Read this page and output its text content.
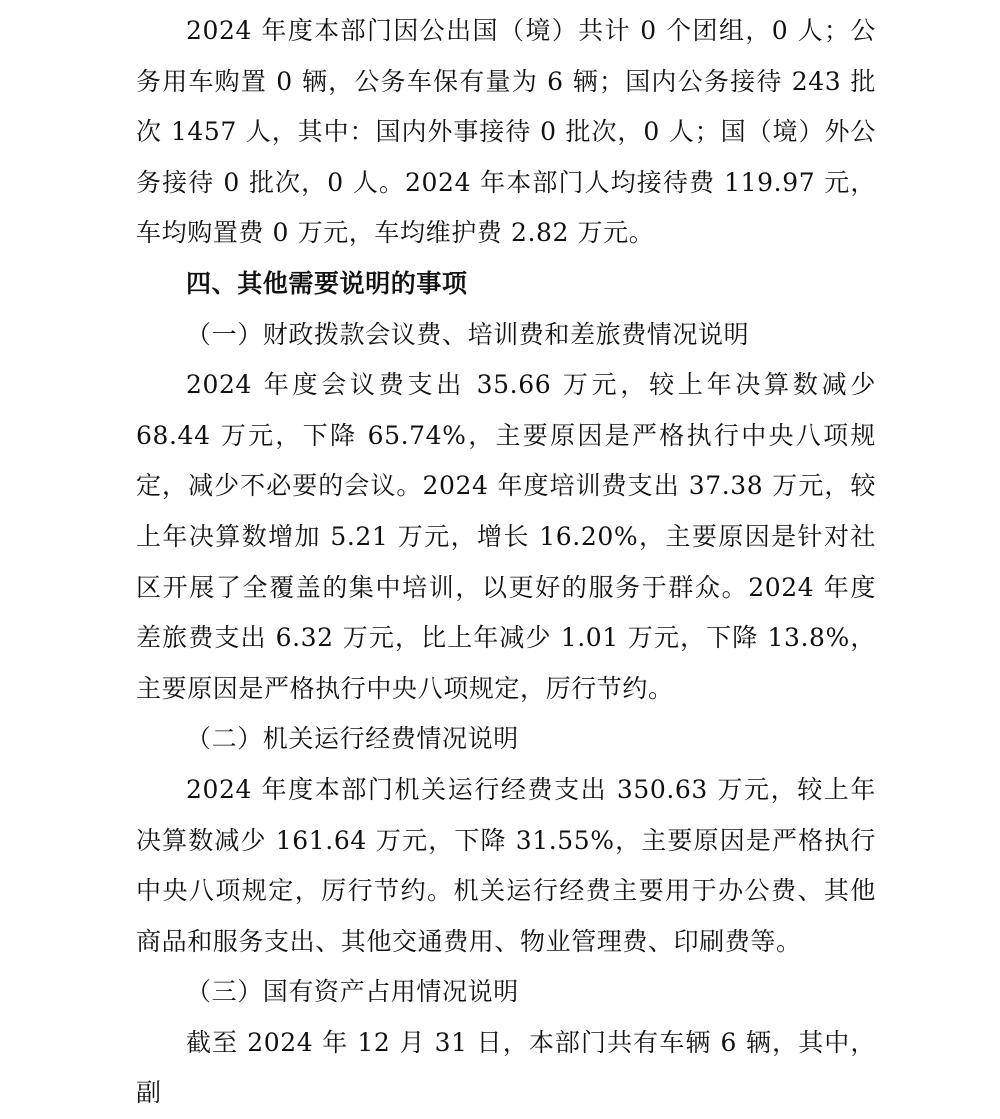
2024 年度本部门因公出国（境）共计 0 个团组，0 人；公务用车购置 0 辆，公务车保有量为 6 辆；国内公务接待 243 批次 1457 人，其中：国内外事接待 0 批次，0 人；国（境）外公务接待 0 批次，0 人。2024 年本部门人均接待费 119.97 元，车均购置费 0 万元，车均维护费 2.82 万元。

四、其他需要说明的事项

（一）财政拨款会议费、培训费和差旅费情况说明

2024 年度会议费支出 35.66 万元，较上年决算数减少 68.44 万元，下降 65.74%，主要原因是严格执行中央八项规定，减少不必要的会议。2024 年度培训费支出 37.38 万元，较上年决算数增加 5.21 万元，增长 16.20%，主要原因是针对社区开展了全覆盖的集中培训，以更好的服务于群众。2024 年度差旅费支出 6.32 万元，比上年减少 1.01 万元，下降 13.8%，主要原因是严格执行中央八项规定，厉行节约。

（二）机关运行经费情况说明

2024 年度本部门机关运行经费支出 350.63 万元，较上年决算数减少 161.64 万元，下降 31.55%，主要原因是严格执行中央八项规定，厉行节约。机关运行经费主要用于办公费、其他商品和服务支出、其他交通费用、物业管理费、印刷费等。

（三）国有资产占用情况说明

截至 2024 年 12 月 31 日，本部门共有车辆 6 辆，其中，副
